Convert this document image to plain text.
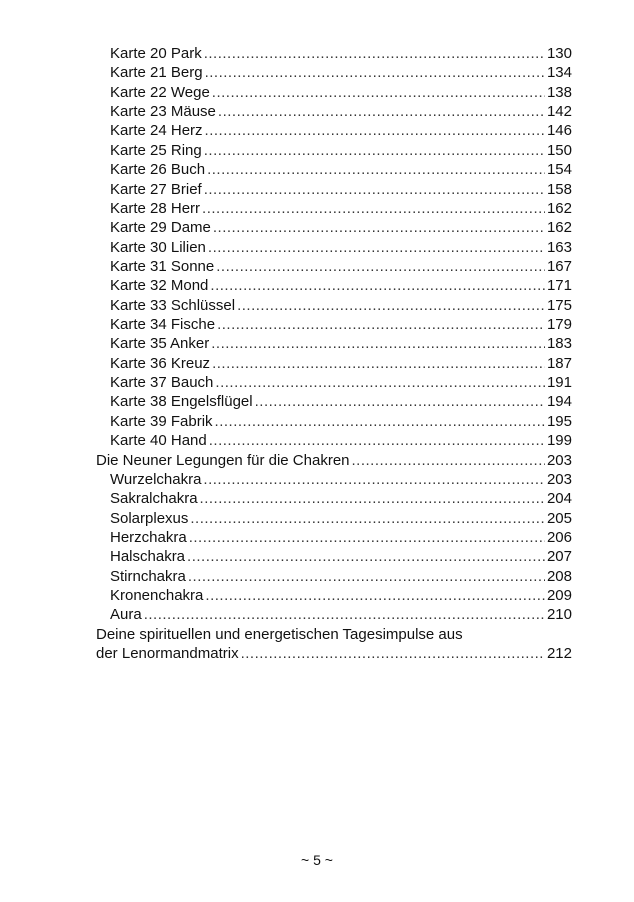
Karte 20 Park .....	130
Karte 21 Berg .....	134
Karte 22 Wege .....	138
Karte 23 Mäuse .....	142
Karte 24 Herz .....	146
Karte 25 Ring .....	150
Karte 26 Buch .....	154
Karte 27 Brief .....	158
Karte 28 Herr .....	162
Karte 29 Dame .....	162
Karte 30 Lilien .....	163
Karte 31 Sonne .....	167
Karte 32 Mond .....	171
Karte 33 Schlüssel .....	175
Karte 34 Fische .....	179
Karte 35 Anker .....	183
Karte 36 Kreuz .....	187
Karte 37 Bauch .....	191
Karte 38 Engelsflügel .....	194
Karte 39 Fabrik .....	195
Karte 40 Hand .....	199
Die Neuner Legungen für die Chakren .....	203
Wurzelchakra .....	203
Sakralchakra .....	204
Solarplexus .....	205
Herzchakra .....	206
Halschakra .....	207
Stirnchakra .....	208
Kronenchakra .....	209
Aura .....	210
Deine spirituellen und energetischen Tagesimpulse aus
der Lenormandmatrix .....	212
~ 5 ~
